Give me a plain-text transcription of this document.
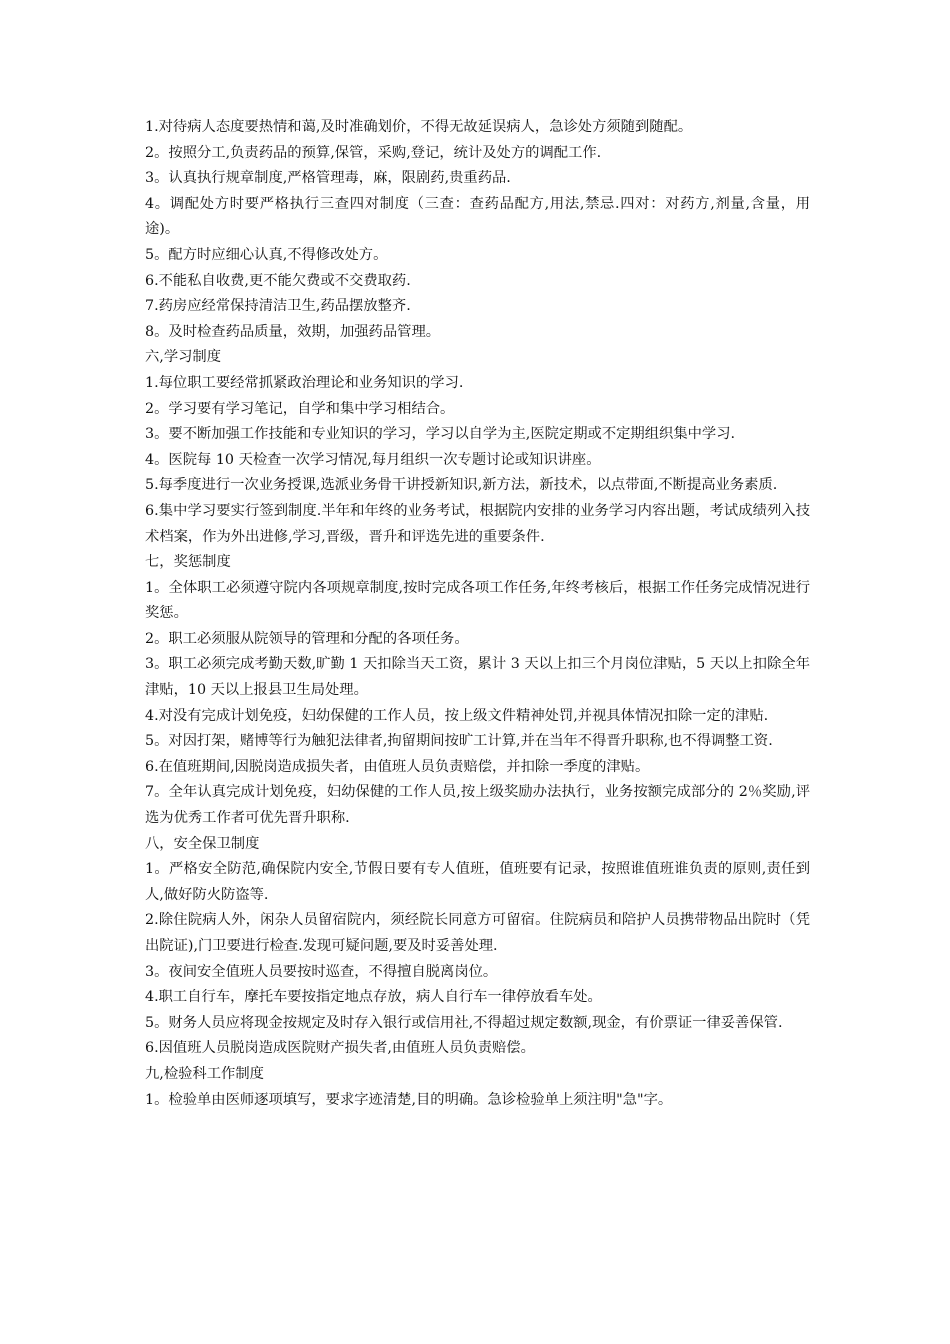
1.对待病人态度要热情和蔼,及时准确划价，不得无故延误病人，急诊处方须随到随配。

2。按照分工,负责药品的预算,保管，采购,登记，统计及处方的调配工作.

3。认真执行规章制度,严格管理毒，麻，限剧药,贵重药品.

4。调配处方时要严格执行三查四对制度（三查：查药品配方,用法,禁忌.四对：对药方,剂量,含量，用途)。

5。配方时应细心认真,不得修改处方。

6.不能私自收费,更不能欠费或不交费取药.

7.药房应经常保持清洁卫生,药品摆放整齐.

8。及时检查药品质量，效期，加强药品管理。

六,学习制度

1.每位职工要经常抓紧政治理论和业务知识的学习.

2。学习要有学习笔记，自学和集中学习相结合。

3。要不断加强工作技能和专业知识的学习，学习以自学为主,医院定期或不定期组织集中学习.

4。医院每 10 天检查一次学习情况,每月组织一次专题讨论或知识讲座。

5.每季度进行一次业务授课,选派业务骨干讲授新知识,新方法，新技术，以点带面,不断提高业务素质.

6.集中学习要实行签到制度.半年和年终的业务考试，根据院内安排的业务学习内容出题，考试成绩列入技术档案，作为外出进修,学习,晋级，晋升和评选先进的重要条件.

七，奖惩制度

1。全体职工必须遵守院内各项规章制度,按时完成各项工作任务,年终考核后，根据工作任务完成情况进行奖惩。

2。职工必须服从院领导的管理和分配的各项任务。

3。职工必须完成考勤天数,旷勤 1 天扣除当天工资，累计 3 天以上扣三个月岗位津贴，5 天以上扣除全年津贴，10 天以上报县卫生局处理。

4.对没有完成计划免疫，妇幼保健的工作人员，按上级文件精神处罚,并视具体情况扣除一定的津贴.

5。对因打架，赌博等行为触犯法律者,拘留期间按旷工计算,并在当年不得晋升职称,也不得调整工资.

6.在值班期间,因脱岗造成损失者，由值班人员负责赔偿，并扣除一季度的津贴。

7。全年认真完成计划免疫，妇幼保健的工作人员,按上级奖励办法执行，业务按额完成部分的 2％奖励,评选为优秀工作者可优先晋升职称.

八，安全保卫制度

1。严格安全防范,确保院内安全,节假日要有专人值班，值班要有记录，按照谁值班谁负责的原则,责任到人,做好防火防盗等.

2.除住院病人外，闲杂人员留宿院内，须经院长同意方可留宿。住院病员和陪护人员携带物品出院时（凭出院证),门卫要进行检查.发现可疑问题,要及时妥善处理.

3。夜间安全值班人员要按时巡查，不得擅自脱离岗位。

4.职工自行车，摩托车要按指定地点存放，病人自行车一律停放看车处。

5。财务人员应将现金按规定及时存入银行或信用社,不得超过规定数额,现金，有价票证一律妥善保管.

6.因值班人员脱岗造成医院财产损失者,由值班人员负责赔偿。

九,检验科工作制度

1。检验单由医师逐项填写，要求字迹清楚,目的明确。急诊检验单上须注明"急"字。
